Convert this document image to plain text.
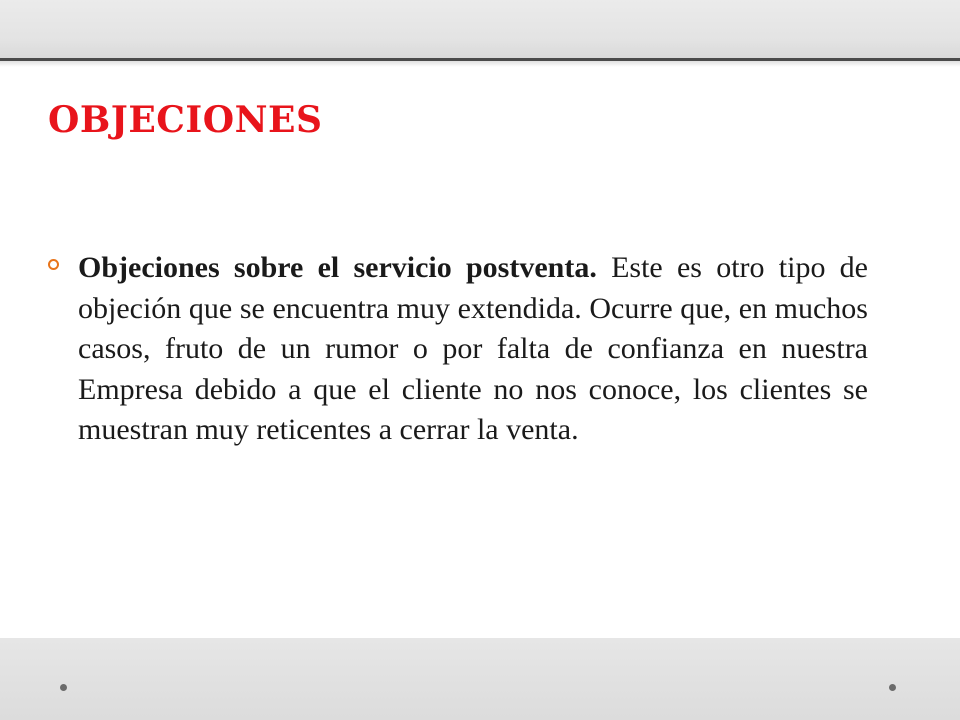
OBJECIONES

Objeciones sobre el servicio postventa. Este es otro tipo de objeción que se encuentra muy extendida. Ocurre que, en muchos casos, fruto de un rumor o por falta de confianza en nuestra Empresa debido a que el cliente no nos conoce, los clientes se muestran muy reticentes a cerrar la venta.
